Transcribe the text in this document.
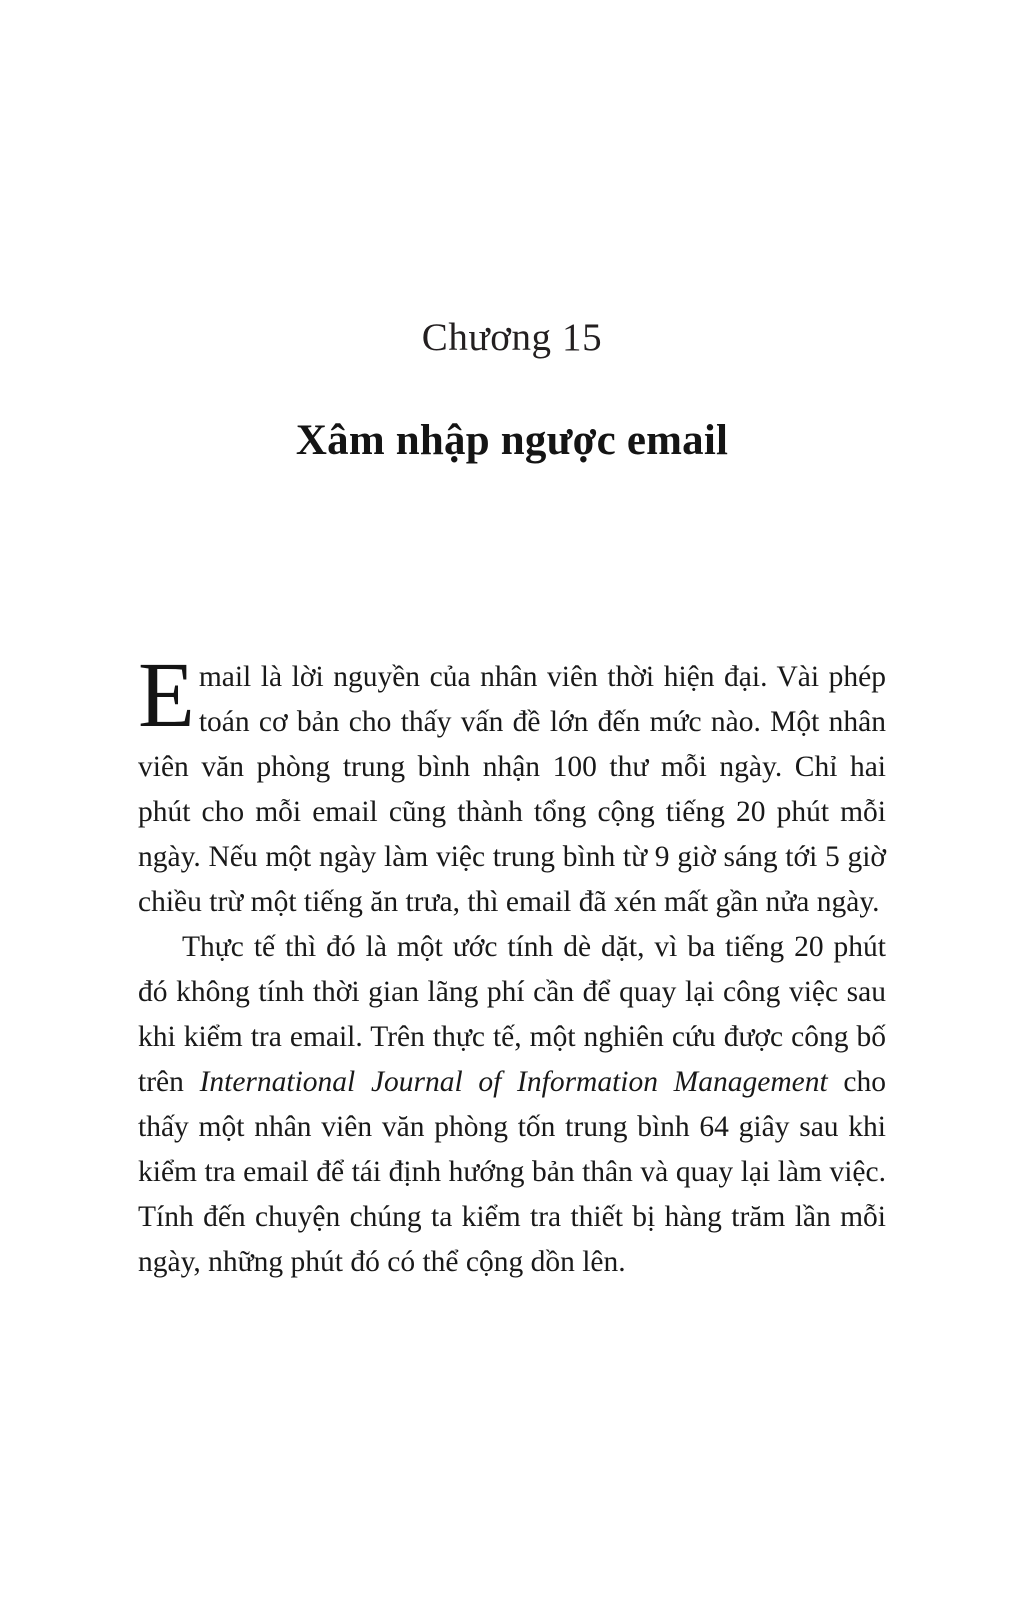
Chương 15
Xâm nhập ngược email

Email là lời nguyền của nhân viên thời hiện đại. Vài phép toán cơ bản cho thấy vấn đề lớn đến mức nào. Một nhân viên văn phòng trung bình nhận 100 thư mỗi ngày. Chỉ hai phút cho mỗi email cũng thành tổng cộng tiếng 20 phút mỗi ngày. Nếu một ngày làm việc trung bình từ 9 giờ sáng tới 5 giờ chiều trừ một tiếng ăn trưa, thì email đã xén mất gần nửa ngày.

Thực tế thì đó là một ước tính dè dặt, vì ba tiếng 20 phút đó không tính thời gian lãng phí cần để quay lại công việc sau khi kiểm tra email. Trên thực tế, một nghiên cứu được công bố trên International Journal of Information Management cho thấy một nhân viên văn phòng tốn trung bình 64 giây sau khi kiểm tra email để tái định hướng bản thân và quay lại làm việc. Tính đến chuyện chúng ta kiểm tra thiết bị hàng trăm lần mỗi ngày, những phút đó có thể cộng dồn lên.
